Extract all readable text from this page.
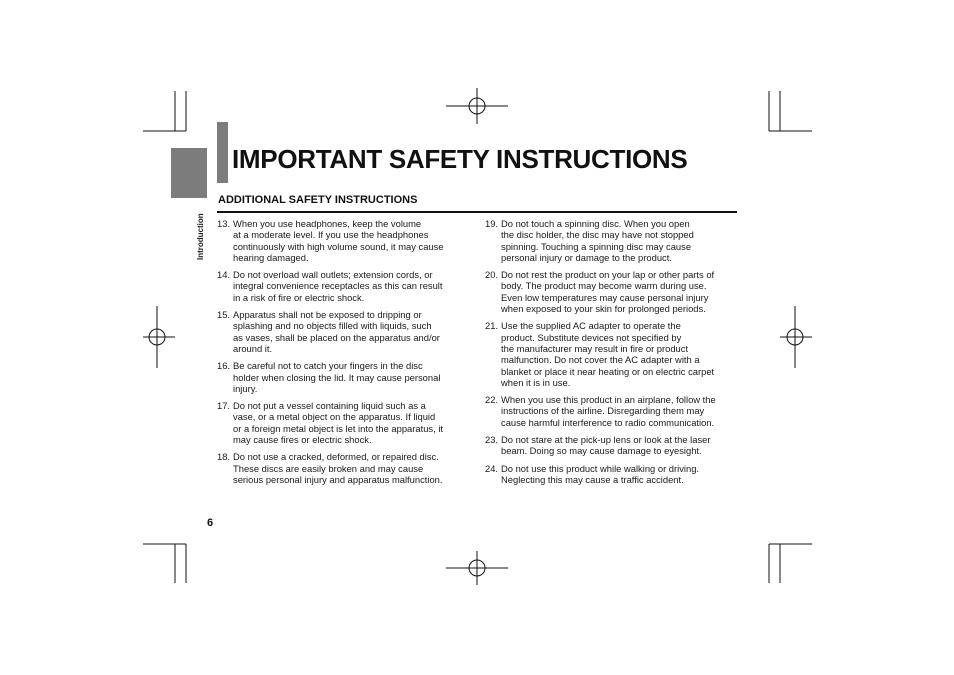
Introduction
IMPORTANT SAFETY INSTRUCTIONS
ADDITIONAL SAFETY INSTRUCTIONS
13. When you use headphones, keep the volume
at a moderate level. If you use the headphones
continuously with high volume sound, it may cause
hearing damaged.
14. Do not overload wall outlets; extension cords, or
integral convenience receptacles as this can result
in a risk of fire or electric shock.
15. Apparatus shall not be exposed to dripping or
splashing and no objects filled with liquids, such
as vases, shall be placed on the apparatus and/or
around it.
16. Be careful not to catch your fingers in the disc
holder when closing the lid. It may cause personal
injury.
17. Do not put a vessel containing liquid such as a
vase, or a metal object on the apparatus. If liquid
or a foreign metal object is let into the apparatus, it
may cause fires or electric shock.
18. Do not use a cracked, deformed, or repaired disc.
These discs are easily broken and may cause
serious personal injury and apparatus malfunction.
19. Do not touch a spinning disc. When you open
the disc holder, the disc may have not stopped
spinning. Touching a spinning disc may cause
personal injury or damage to the product.
20. Do not rest the product on your lap or other parts of
body. The product may become warm during use.
Even low temperatures may cause personal injury
when exposed to your skin for prolonged periods.
21. Use the supplied AC adapter to operate the
product. Substitute devices not specified by
the manufacturer may result in fire or product
malfunction. Do not cover the AC adapter with a
blanket or place it near heating or on electric carpet
when it is in use.
22. When you use this product in an airplane, follow the
instructions of the airline. Disregarding them may
cause harmful interference to radio communication.
23. Do not stare at the pick-up lens or look at the laser
beam. Doing so may cause damage to eyesight.
24. Do not use this product while walking or driving.
Neglecting this may cause a traffic accident.
6
